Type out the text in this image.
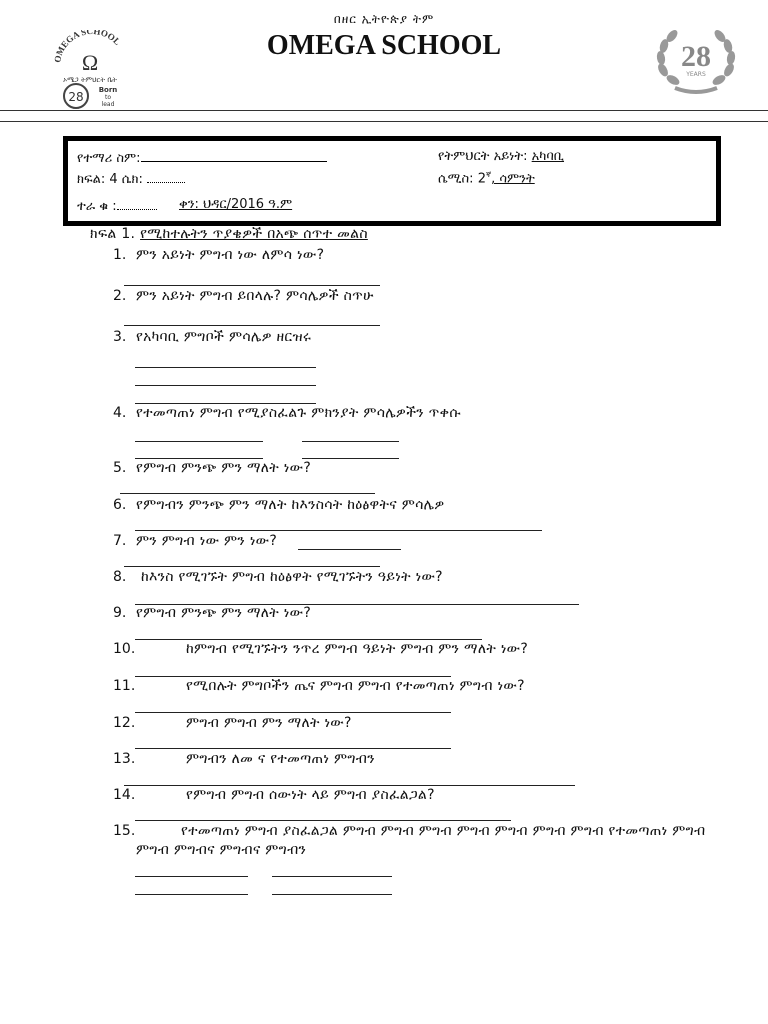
በዘር ኢትዮጵያ ትም
OMEGA SCHOOL
OMEGA SCHOOL
Ω
ኦሜጋ ትምህርት ቤት
28 Born
to
lead
28
YEARS
የተማሪ ስም:	የትምህርት አይነት: አካባቢ
ክፍል: 4 ሴክ:	ሴሚስ: $2^ኛ$, ሳምንት
ተራ ቁ :	ቀን: ህዳር/2016 ዓ.ም
ክፍል 1. የሚከተሉትን ጥያቄዎች በአጭ ሰጥተ መልስ
1. ምን አይነት ምግብ ነው ለምሳ ነው?
2. ምን አይነት ምግብ ይበላሉ? ምሳሌዎች ስጥሁ
3. የአካባቢ ምግቦች ምሳሌዎ ዘርዝሩ
4. የተመጣጠነ ምግብ የሚያስፈልጉ ምክንያት ምሳሌዎችን ጥቀሱ
5. የምግብ ምንጭ ምን ማለት ነው?
6. የምግብን ምንጭ ምን ማለት ከእንስሳት ከዕፅዋትና ምሳሌዎ
7. ምን ምግብ ነው ምን ነው?
8. ከእንስ የሚገኙት ምግብ ከዕፅዋት የሚገኙትን ዓይነት ነው?
9. የምግብ ምንጭ ምን ማለት ነው?
10.	ከምግብ የሚገኙትን ንጥረ ምግብ ዓይነት ምግብ ምን ማለት ነው?
11.	የሚበሉት ምግቦችን ጤና ምግብ ምግብ የተመጣጠነ ምግብ ነው?
12.	ምግብ ምግብ ምን ማለት ነው?
13.	ምግብን ለመ ና የተመጣጠነ ምግብን
14.	የምግብ ምግብ ሰውነት ላይ ምግብ ያስፈልጋል?
15.	የተመጣጠነ ምግብ ያስፈልጋል ምግብ ምግብ ምግብ ምግብ ምግብ ምግብ ምግብ የተመጣጠነ ምግብ
ምግብ ምግብና ምግብና ምግብን
